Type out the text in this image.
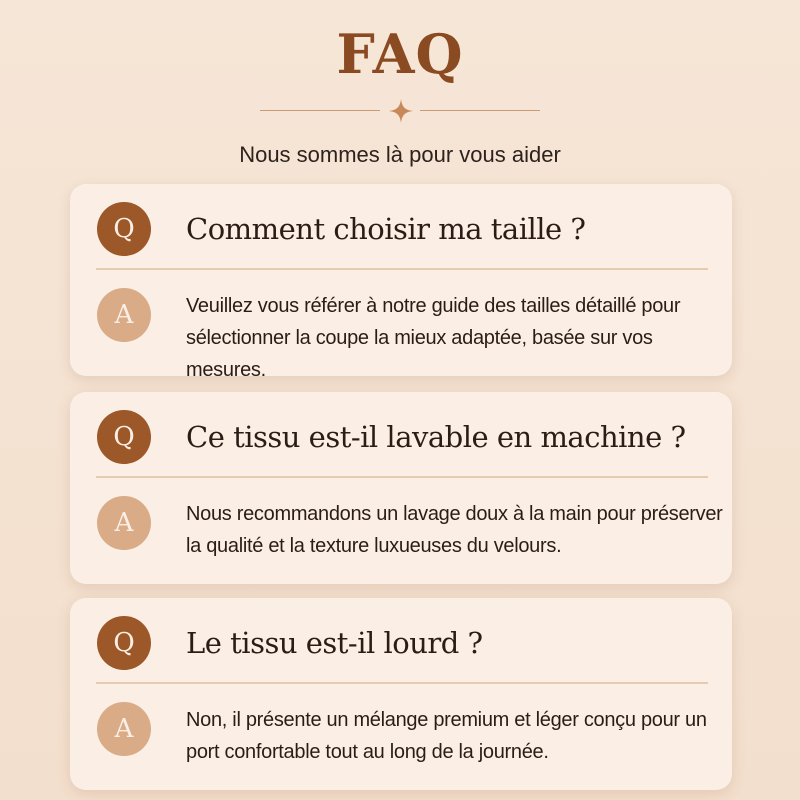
FAQ

Nous sommes là pour vous aider

Q	Comment choisir ma taille ?
A	Veuillez vous référer à notre guide des tailles détaillé pour sélectionner la coupe la mieux adaptée, basée sur vos mesures.
Q	Ce tissu est-il lavable en machine ?
A	Nous recommandons un lavage doux à la main pour préserver la qualité et la texture luxueuses du velours.
Q	Le tissu est-il lourd ?
A	Non, il présente un mélange premium et léger conçu pour un port confortable tout au long de la journée.
